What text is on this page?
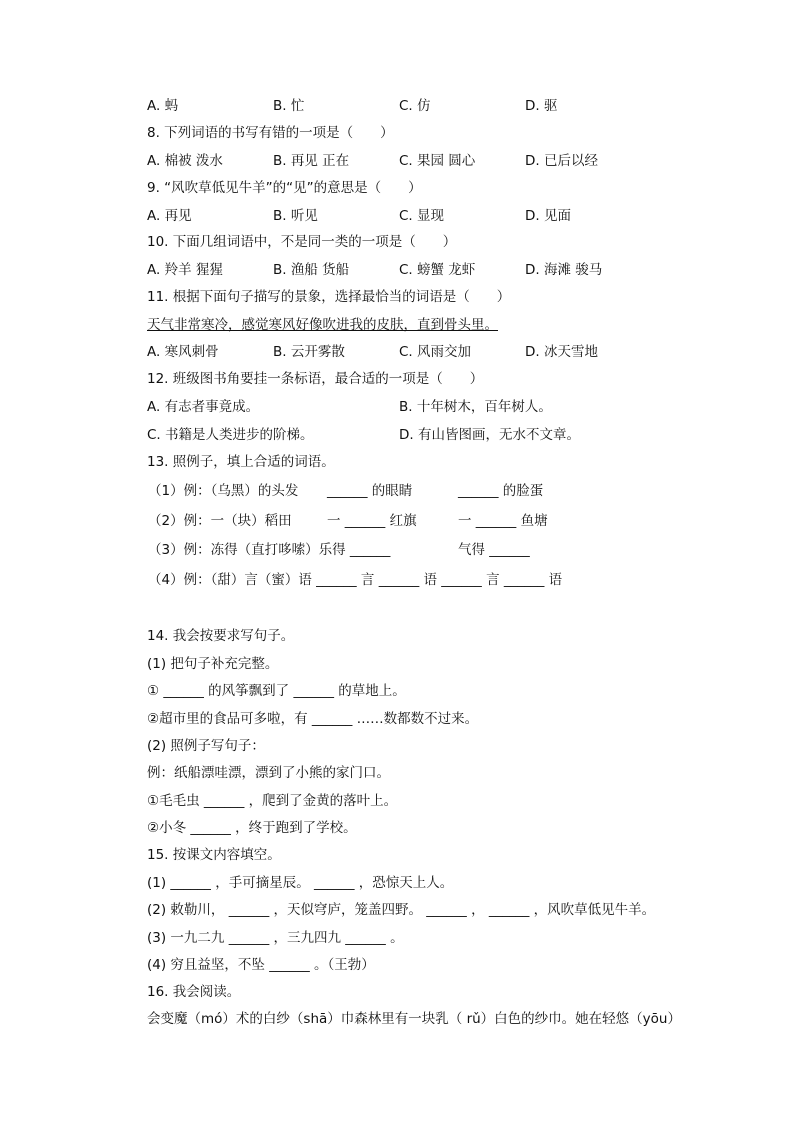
A. 蚂	B. 忙	C. 仿	D. 驱
8. 下列词语的书写有错的一项是（　　）
A. 棉被 泼水	B. 再见 正在	C. 果园 圆心	D. 已后以经
9. “风吹草低见牛羊”的“见”的意思是（　　）
A. 再见	B. 听见	C. 显现	D. 见面
10. 下面几组词语中，不是同一类的一项是（　　）
A. 羚羊 猩猩	B. 渔船 货船	C. 螃蟹 龙虾	D. 海滩 骏马
11. 根据下面句子描写的景象，选择最恰当的词语是（　　）
天气非常寒冷，感觉寒风好像吹进我的皮肤，直到骨头里。
A. 寒风刺骨	B. 云开雾散	C. 风雨交加	D. 冰天雪地
12. 班级图书角要挂一条标语，最合适的一项是（　　）
A. 有志者事竟成。	B. 十年树木，百年树人。
C. 书籍是人类进步的阶梯。	D. 有山皆图画，无水不文章。
13. 照例子，填上合适的词语。
（1）例：（乌黑）的头发 ______ 的眼睛	______ 的脸蛋
（2）例：一（块）稻田	一 ______ 红旗	一 ______ 鱼塘
（3）例：冻得（直打哆嗦）乐得 ______	气得 ______
（4）例：（甜）言（蜜）语 ______ 言 ______ 语 ______ 言 ______ 语
14. 我会按要求写句子。
(1) 把句子补充完整。
① ______ 的风筝飘到了 ______ 的草地上。
②超市里的食品可多啦，有 ______ ……数都数不过来。
(2) 照例子写句子：
例：纸船漂哇漂，漂到了小熊的家门口。
①毛毛虫 ______ ，爬到了金黄的落叶上。
②小冬 ______ ，终于跑到了学校。
15. 按课文内容填空。
(1) ______ ，手可摘星辰。 ______ ，恐惊天上人。
(2) 敕勒川， ______ ，天似穹庐，笼盖四野。 ______ ， ______ ，风吹草低见牛羊。
(3) 一九二九 ______ ，三九四九 ______ 。
(4) 穷且益坚，不坠 ______ 。（王勃）
16. 我会阅读。
会变魔（mó）术的白纱（shā）巾森林里有一块乳（ rǔ）白色的纱巾。她在轻悠（yōu）
